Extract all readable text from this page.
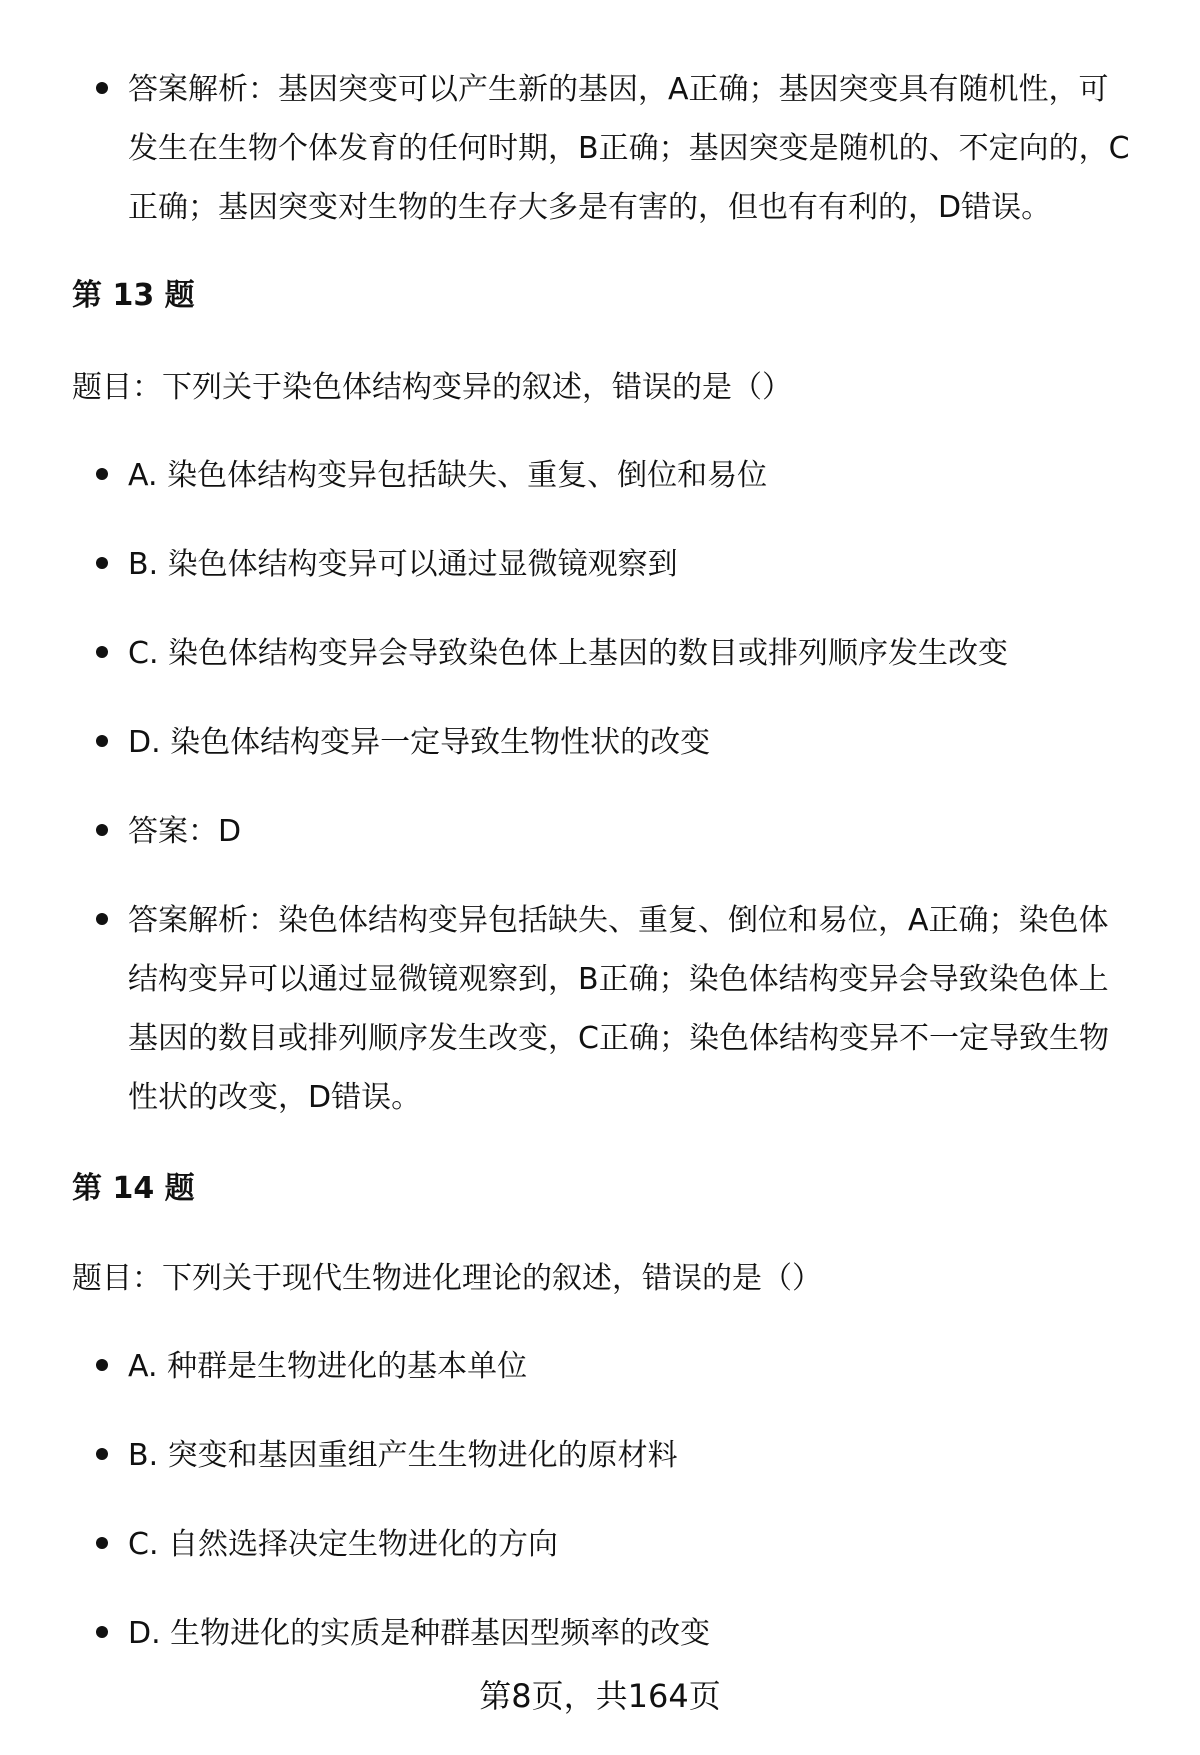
答案解析：基因突变可以产生新的基因，A正确；基因突变具有随机性，可发生在生物个体发育的任何时期，B正确；基因突变是随机的、不定向的，C正确；基因突变对生物的生存大多是有害的，但也有有利的，D错误。
第 13 题
题目：下列关于染色体结构变异的叙述，错误的是（）
A. 染色体结构变异包括缺失、重复、倒位和易位
B. 染色体结构变异可以通过显微镜观察到
C. 染色体结构变异会导致染色体上基因的数目或排列顺序发生改变
D. 染色体结构变异一定导致生物性状的改变
答案：D
答案解析：染色体结构变异包括缺失、重复、倒位和易位，A正确；染色体结构变异可以通过显微镜观察到，B正确；染色体结构变异会导致染色体上基因的数目或排列顺序发生改变，C正确；染色体结构变异不一定导致生物性状的改变，D错误。
第 14 题
题目：下列关于现代生物进化理论的叙述，错误的是（）
A. 种群是生物进化的基本单位
B. 突变和基因重组产生生物进化的原材料
C. 自然选择决定生物进化的方向
D. 生物进化的实质是种群基因型频率的改变
第8页，共164页
